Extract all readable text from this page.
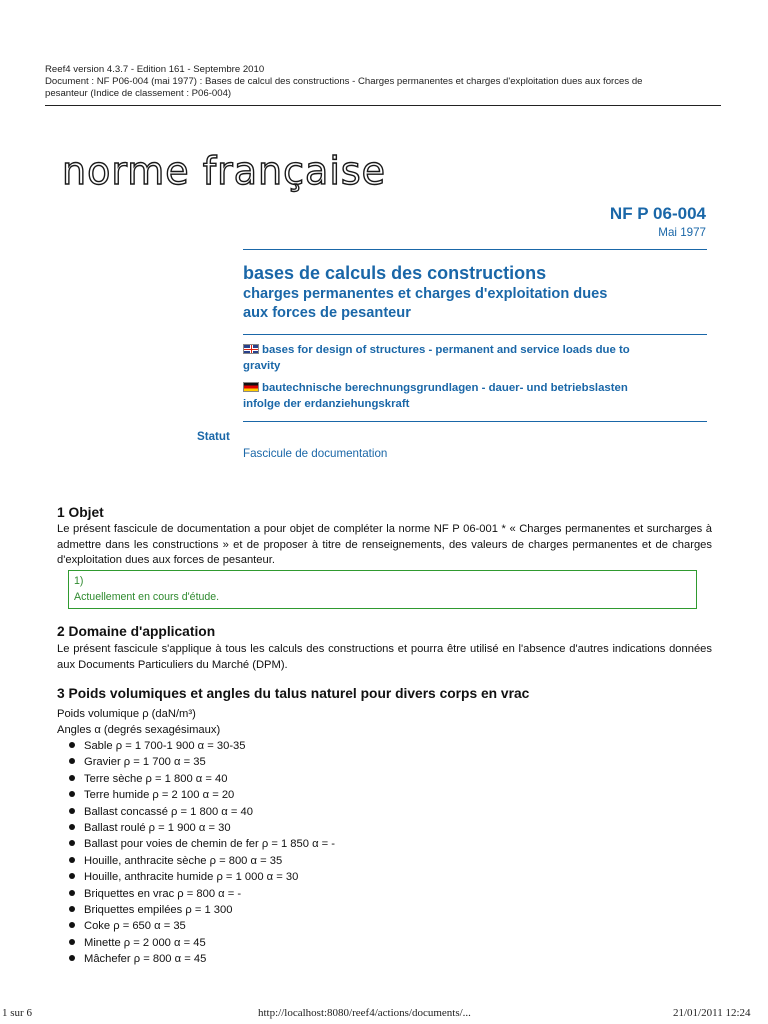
Reef4 version 4.3.7 - Edition 161 - Septembre 2010
Document : NF P06-004 (mai 1977) : Bases de calcul des constructions - Charges permanentes et charges d'exploitation dues aux forces de
pesanteur (Indice de classement : P06-004)
norme française
NF P 06-004
Mai 1977
bases de calculs des constructions
charges permanentes et charges d'exploitation dues
aux forces de pesanteur
bases for design of structures - permanent and service loads due to
gravity
bautechnische berechnungsgrundlagen - dauer- und betriebslasten
infolge der erdanziehungskraft
Statut
Fascicule de documentation
1 Objet
Le présent fascicule de documentation a pour objet de compléter la norme NF P 06-001 * « Charges permanentes et surcharges à admettre dans les constructions » et de proposer à titre de renseignements, des valeurs de charges permanentes et de charges d'exploitation dues aux forces de pesanteur.
1)
Actuellement en cours d'étude.
2 Domaine d'application
Le présent fascicule s'applique à tous les calculs des constructions et pourra être utilisé en l'absence d'autres indications données aux Documents Particuliers du Marché (DPM).
3 Poids volumiques et angles du talus naturel pour divers corps en vrac
Poids volumique ρ (daN/m³)
Angles α (degrés sexagésimaux)
Sable ρ = 1 700-1 900 α = 30-35
Gravier ρ = 1 700 α = 35
Terre sèche ρ = 1 800 α = 40
Terre humide ρ = 2 100 α = 20
Ballast concassé ρ = 1 800 α = 40
Ballast roulé ρ = 1 900 α = 30
Ballast pour voies de chemin de fer ρ = 1 850 α = -
Houille, anthracite sèche ρ = 800 α = 35
Houille, anthracite humide ρ = 1 000 α = 30
Briquettes en vrac ρ = 800 α = -
Briquettes empilées ρ = 1 300
Coke ρ = 650 α = 35
Minette ρ = 2 000 α = 45
Mâchefer ρ = 800 α = 45
1 sur 6	http://localhost:8080/reef4/actions/documents/...	21/01/2011 12:24
